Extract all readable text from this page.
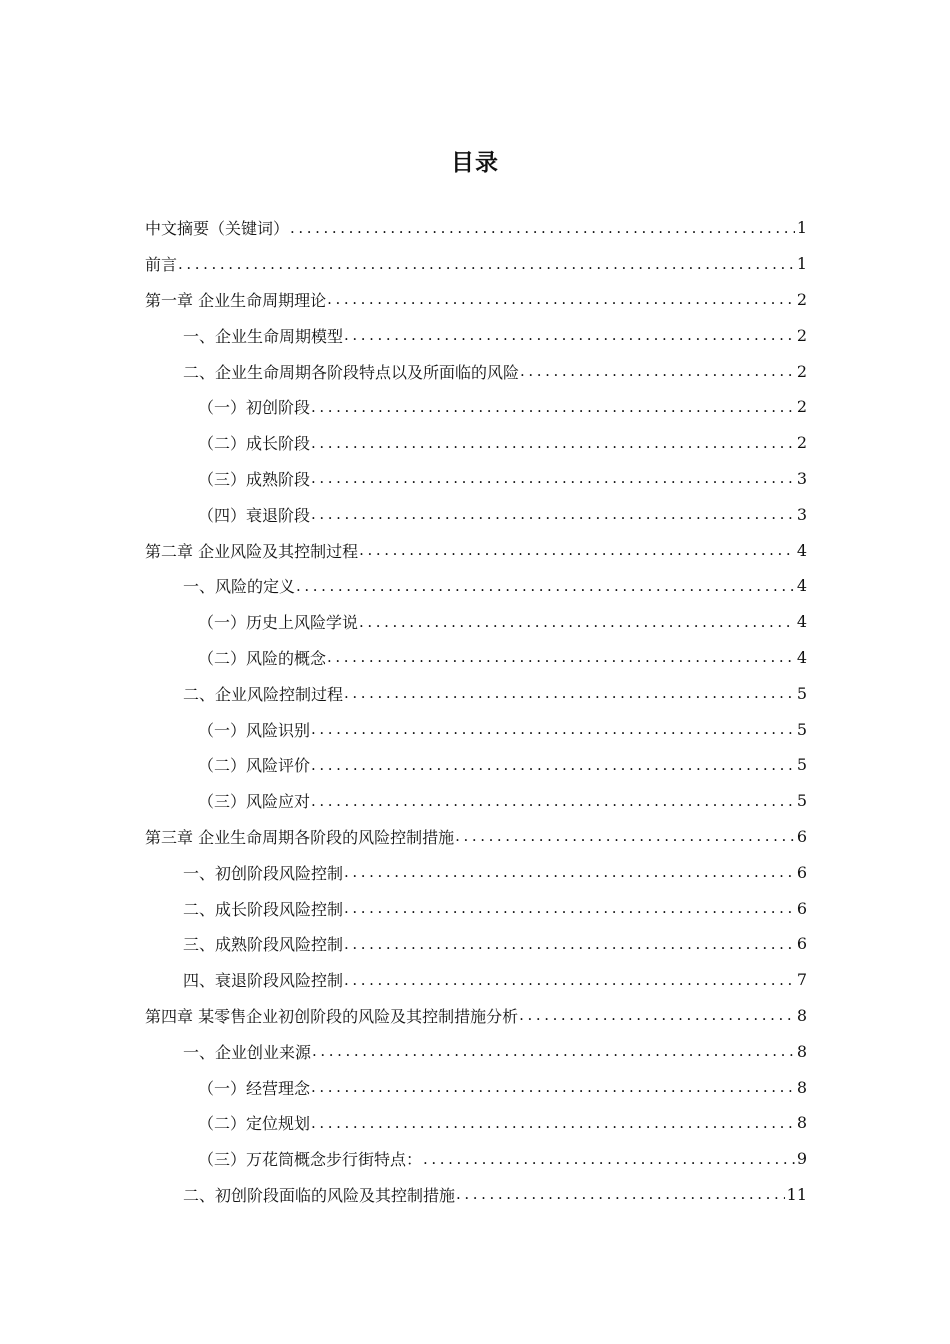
目录
中文摘要（关键词） .....	1
前言 .....	1
第一章 企业生命周期理论 .....	2
一、企业生命周期模型 .....	2
二、企业生命周期各阶段特点以及所面临的风险 .....	2
（一）初创阶段 .....	2
（二）成长阶段 .....	2
（三）成熟阶段 .....	3
（四）衰退阶段 .....	3
第二章 企业风险及其控制过程 .....	4
一、风险的定义 .....	4
（一）历史上风险学说 .....	4
（二）风险的概念 .....	4
二、企业风险控制过程 .....	5
（一）风险识别 .....	5
（二）风险评价 .....	5
（三）风险应对 .....	5
第三章 企业生命周期各阶段的风险控制措施 .....	6
一、初创阶段风险控制 .....	6
二、成长阶段风险控制 .....	6
三、成熟阶段风险控制 .....	6
四、衰退阶段风险控制 .....	7
第四章 某零售企业初创阶段的风险及其控制措施分析 .....	8
一、企业创业来源 .....	8
（一）经营理念 .....	8
（二）定位规划 .....	8
（三）万花筒概念步行街特点： .....	9
二、初创阶段面临的风险及其控制措施 .....	11
